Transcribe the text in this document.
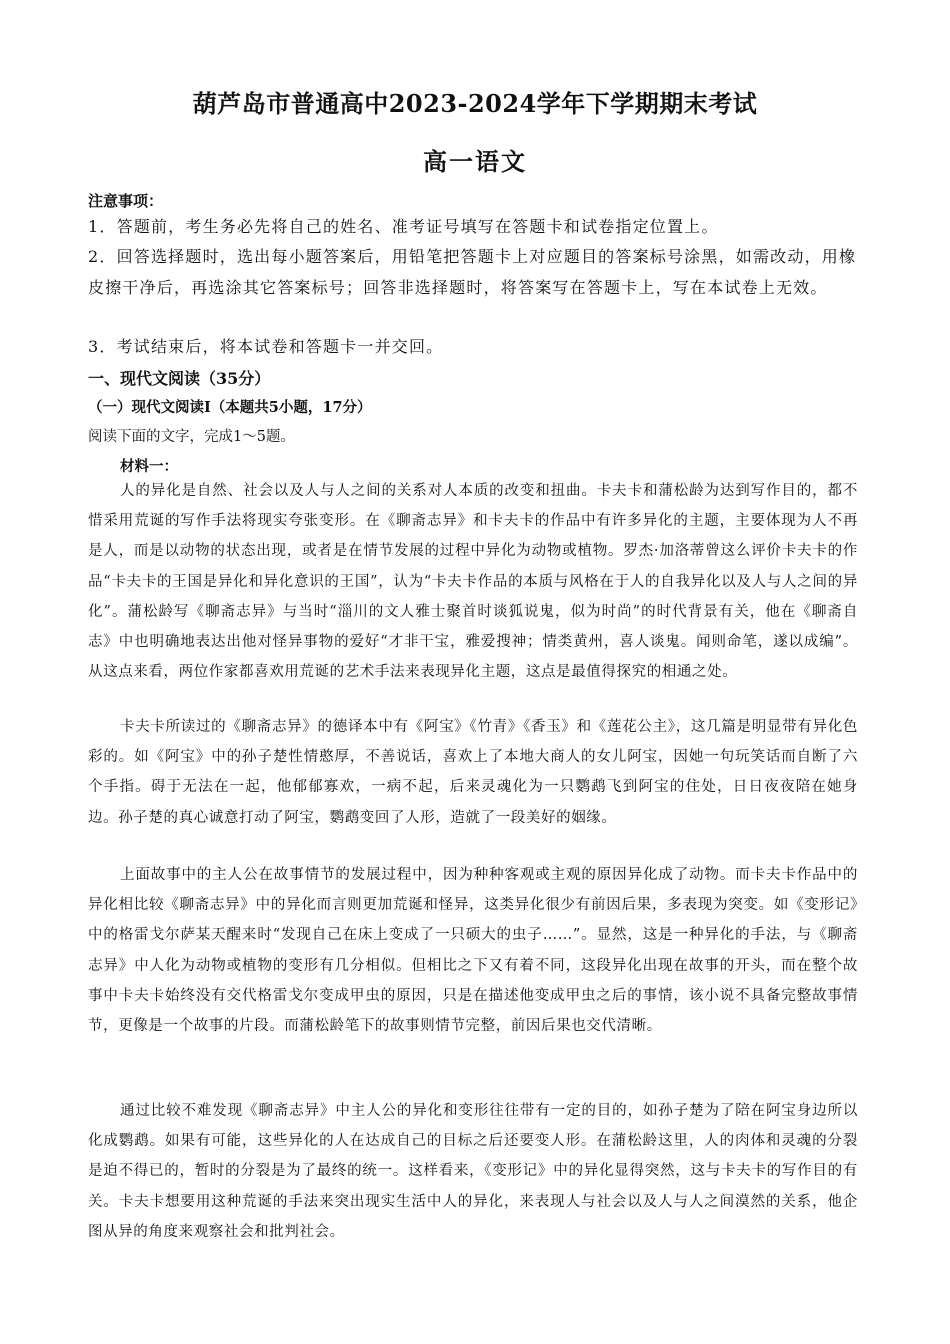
葫芦岛市普通高中2023-2024学年下学期期末考试
高一语文
注意事项：
1．答题前，考生务必先将自己的姓名、准考证号填写在答题卡和试卷指定位置上。
2．回答选择题时，选出每小题答案后，用铅笔把答题卡上对应题目的答案标号涂黑，如需改动，用橡皮擦干净后，再选涂其它答案标号；回答非选择题时，将答案写在答题卡上，写在本试卷上无效。
3．考试结束后，将本试卷和答题卡一并交回。
一、现代文阅读（35分）
（一）现代文阅读Ⅰ（本题共5小题，17分）
阅读下面的文字，完成1～5题。
材料一：
人的异化是自然、社会以及人与人之间的关系对人本质的改变和扭曲。卡夫卡和蒲松龄为达到写作目的，都不惜采用荒诞的写作手法将现实夸张变形。在《聊斋志异》和卡夫卡的作品中有许多异化的主题，主要体现为人不再是人，而是以动物的状态出现，或者是在情节发展的过程中异化为动物或植物。罗杰·加洛蒂曾这么评价卡夫卡的作品“卡夫卡的王国是异化和异化意识的王国”，认为“卡夫卡作品的本质与风格在于人的自我异化以及人与人之间的异化”。蒲松龄写《聊斋志异》与当时“淄川的文人雅士聚首时谈狐说鬼，似为时尚”的时代背景有关，他在《聊斋自志》中也明确地表达出他对怪异事物的爱好“才非干宝，雅爱搜神；情类黄州，喜人谈鬼。闻则命笔，遂以成编”。从这点来看，两位作家都喜欢用荒诞的艺术手法来表现异化主题，这点是最值得探究的相通之处。
卡夫卡所读过的《聊斋志异》的德译本中有《阿宝》《竹青》《香玉》和《莲花公主》，这几篇是明显带有异化色彩的。如《阿宝》中的孙子楚性情憨厚，不善说话，喜欢上了本地大商人的女儿阿宝，因她一句玩笑话而自断了六个手指。碍于无法在一起，他郁郁寡欢，一病不起，后来灵魂化为一只鹦鹉飞到阿宝的住处，日日夜夜陪在她身边。孙子楚的真心诚意打动了阿宝，鹦鹉变回了人形，造就了一段美好的姻缘。
上面故事中的主人公在故事情节的发展过程中，因为种种客观或主观的原因异化成了动物。而卡夫卡作品中的异化相比较《聊斋志异》中的异化而言则更加荒诞和怪异，这类异化很少有前因后果，多表现为突变。如《变形记》中的格雷戈尔萨某天醒来时“发现自己在床上变成了一只硕大的虫子……”。显然，这是一种异化的手法，与《聊斋志异》中人化为动物或植物的变形有几分相似。但相比之下又有着不同，这段异化出现在故事的开头，而在整个故事中卡夫卡始终没有交代格雷戈尔变成甲虫的原因，只是在描述他变成甲虫之后的事情，该小说不具备完整故事情节，更像是一个故事的片段。而蒲松龄笔下的故事则情节完整，前因后果也交代清晰。
通过比较不难发现《聊斋志异》中主人公的异化和变形往往带有一定的目的，如孙子楚为了陪在阿宝身边所以化成鹦鹉。如果有可能，这些异化的人在达成自己的目标之后还要变人形。在蒲松龄这里，人的肉体和灵魂的分裂是迫不得已的，暂时的分裂是为了最终的统一。这样看来，《变形记》中的异化显得突然，这与卡夫卡的写作目的有关。卡夫卡想要用这种荒诞的手法来突出现实生活中人的异化，来表现人与社会以及人与人之间漠然的关系，他企图从异的角度来观察社会和批判社会。
